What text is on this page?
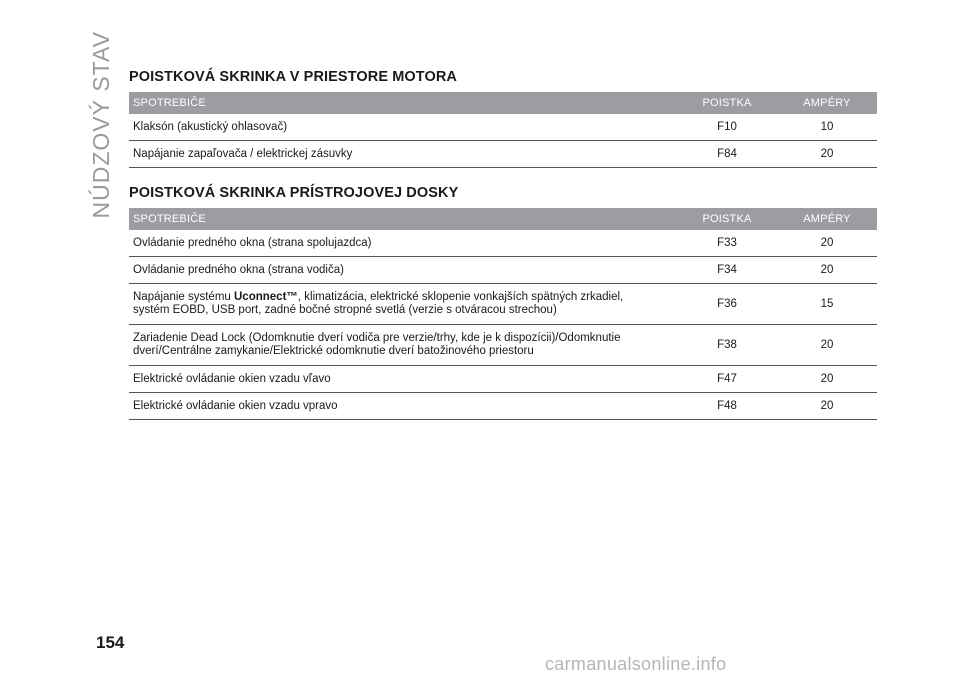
NÚDZOVÝ STAV POISTKOVÁ SKRINKA V PRIESTORE MOTORA
SPOTREBIČE	POISTKA	AMPÉRY
Klaksón (akustický ohlasovač)	F10	10
Napájanie zapaľovača / elektrickej zásuvky	F84	20
POISTKOVÁ SKRINKA PRÍSTROJOVEJ DOSKY
SPOTREBIČE	POISTKA	AMPÉRY
Ovládanie predného okna (strana spolujazdca)	F33	20
Ovládanie predného okna (strana vodiča)	F34	20
Napájanie systému Uconnect™, klimatizácia, elektrické sklopenie vonkajších spätných zrkadiel,
systém EOBD, USB port, zadné bočné stropné svetlá (verzie s otváracou strechou)	F36	15
Zariadenie Dead Lock (Odomknutie dverí vodiča pre verzie/trhy, kde je k dispozícii)/Odomknutie
dverí/Centrálne zamykanie/Elektrické odomknutie dverí batožinového priestoru	F38	20
Elektrické ovládanie okien vzadu vľavo	F47	20
Elektrické ovládanie okien vzadu vpravo	F48	20
154
carmanualsonline.info
